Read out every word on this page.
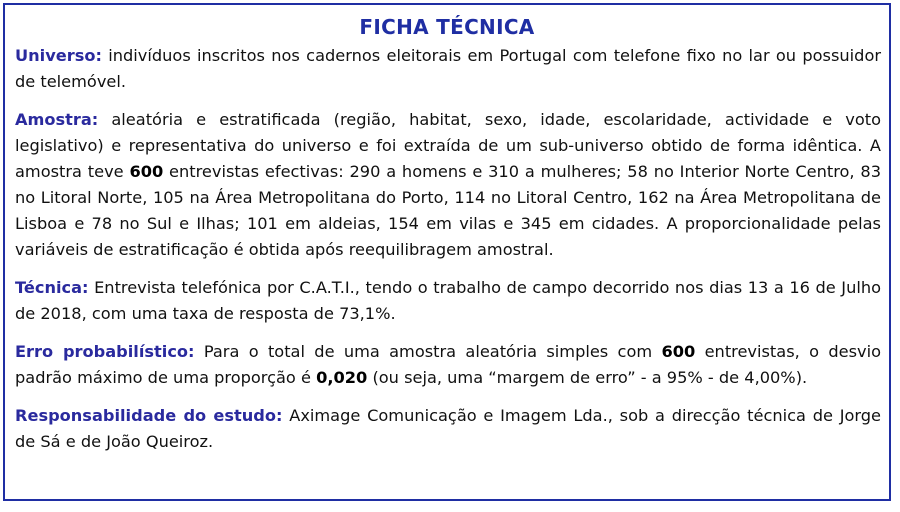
FICHA TÉCNICA
Universo: indivíduos inscritos nos cadernos eleitorais em Portugal com telefone fixo no lar ou possuidor de telemóvel.
Amostra: aleatória e estratificada (região, habitat, sexo, idade, escolaridade, actividade e voto legislativo) e representativa do universo e foi extraída de um sub-universo obtido de forma idêntica. A amostra teve 600 entrevistas efectivas: 290 a homens e 310 a mulheres; 58 no Interior Norte Centro, 83 no Litoral Norte, 105 na Área Metropolitana do Porto, 114 no Litoral Centro, 162 na Área Metropolitana de Lisboa e 78 no Sul e Ilhas; 101 em aldeias, 154 em vilas e 345 em cidades. A proporcionalidade pelas variáveis de estratificação é obtida após reequilibragem amostral.
Técnica: Entrevista telefónica por C.A.T.I., tendo o trabalho de campo decorrido nos dias 13 a 16 de Julho de 2018, com uma taxa de resposta de 73,1%.
Erro probabilístico: Para o total de uma amostra aleatória simples com 600 entrevistas, o desvio padrão máximo de uma proporção é 0,020 (ou seja, uma “margem de erro” - a 95% - de 4,00%).
Responsabilidade do estudo: Aximage Comunicação e Imagem Lda., sob a direcção técnica de Jorge de Sá e de João Queiroz.
